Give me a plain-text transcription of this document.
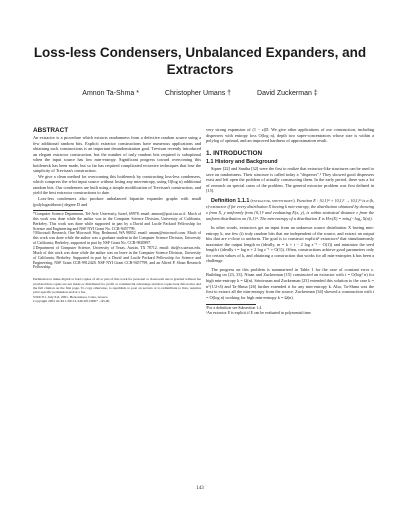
Loss-less Condensers, Unbalanced Expanders, and
Extractors
Amnon Ta-Shma *	Christopher Umans †	David Zuckerman ‡
ABSTRACT

An extractor is a procedure which extracts randomness from a defective random source using a few additional random bits. Explicit extractor constructions have numerous applications and obtaining such constructions is an important derandomization goal. Trevisan recently introduced an elegant extractor construction, but the number of truly random bits required is suboptimal when the input source has low min-entropy. Significant progress toward overcoming this bottleneck has been made, but so far has required complicated recursive techniques that lose the simplicity of Trevisan's construction.

We give a clean method for overcoming this bottleneck by constructing loss-less condensers, which compress the n-bit input source without losing any min-entropy, using O(log n) additional random bits. Our condensers are built using a simple modification of Trevisan's construction, and yield the best extractor constructions to date.

Loss-less condensers also produce unbalanced bipartite expander graphs with small (polylogarithmic) degree D and

*Computer Science Department, Tel-Aviv University, Israel, 69978. email: amnon@post.tau.ac.il. Much of this work was done while the author was in the Computer Science Division, University of California, Berkeley. This work was done while supported in part by a David and Lucile Packard Fellowship for Science and Engineering and NSF NYI Grant No. CCR-9457799.
†Microsoft Research, One Microsoft Way, Redmond, WA 98052. email: umans@microsoft.com. Much of this work was done while the author was a graduate student in the Computer Science Division, University of California, Berkeley, supported in part by NSF Grant No. CCR-9820897.
‡Department of Computer Science, University of Texas, Austin, TX 78712. email: diz@cs.utexas.edu. Much of this work was done while the author was on leave in the Computer Science Division, University of California, Berkeley. Supported in part by a David and Lucile Packard Fellowship for Science and Engineering, NSF Grant CCR-9912428, NSF NYI Grant CCR-9457799, and an Alfred P. Sloan Research Fellowship.
Permission to make digital or hard copies of all or part of this work for personal or classroom use is granted without fee provided that copies are not made or distributed for profit or commercial advantage and that copies bear this notice and the full citation on the first page. To copy otherwise, to republish, to post on servers or to redistribute to lists, requires prior specific permission and/or a fee.
STOC'01, July 6-8, 2001, Hersonissos, Crete, Greece
Copyright 2001 ACM 1-58113-349-9/01/0007 ...$5.00.

very strong expansion of (1 − ε)D. We give other applications of our construction, including dispersers with entropy loss O(log n), depth two super-concentrators whose size is within a polylog of optimal, and an improved hardness of approximation result.

1. INTRODUCTION
1.1 History and Background

Sipser [22] and Santha [32] were the first to realize that extractor-like structures can be used to save on randomness. Their structure is called today a "disperser".¹ They showed good dispersers exist and left open the problem of actually constructing them. In the early period, there was a lot of research on special cases of the problem. The general extractor problem was first defined in [15].

Definition 1.1.1 (extractor, min-entropy). Function E : {0,1}ⁿ × {0,1}ᵗ → {0,1}ᵐ is a (k, ε)-extractor if for every distribution X having k min-entropy, the distribution obtained by drawing x from X, y uniformly from {0,1}ᵗ and evaluating E(x, y), is within statistical distance ε from the uniform distribution on {0,1}ᵐ. The min-entropy of a distribution X is H∞(X) = minₐ(−log₂ X(a)).

In other words, extractors get an input from an unknown source distribution X having min-entropy k, use few (t) truly random bits that are independent of the source, and extract an output bits that are ε-close to uniform. The goal is to construct explicit² extractors³ that simultaneously maximize the output length m (ideally, m = k + t − 2 log ε⁻¹ − O(1)) and minimize the seed length t (ideally t = log n + 2 log ε⁻¹ + O(1)). Often, constructions achieve good parameters only for certain values of k, and obtaining a construction that works for all min-entropies k has been a challenge.

The progress on this problem is summarized in Table 1 for the case of constant error ε. Building on [23, 33], Nisan and Zuckerman [15] constructed an extractor with t = O(log² n) for high min-entropy k = Ω(n). Srinivasan and Zuckerman [23] extended this solution to the case k = n^(1/2+δ) and Ta-Shma [26] further extended it for any min-entropy k. Also, Ta-Shma was the first to extract all the min-entropy from the source. Zuckerman [34] showed a construction with t = O(log n) working for high min-entropy k = Ω(n).

¹For a definition see Subsection 1.4.
²An extractor E is explicit if E can be evaluated in polynomial time.
143
